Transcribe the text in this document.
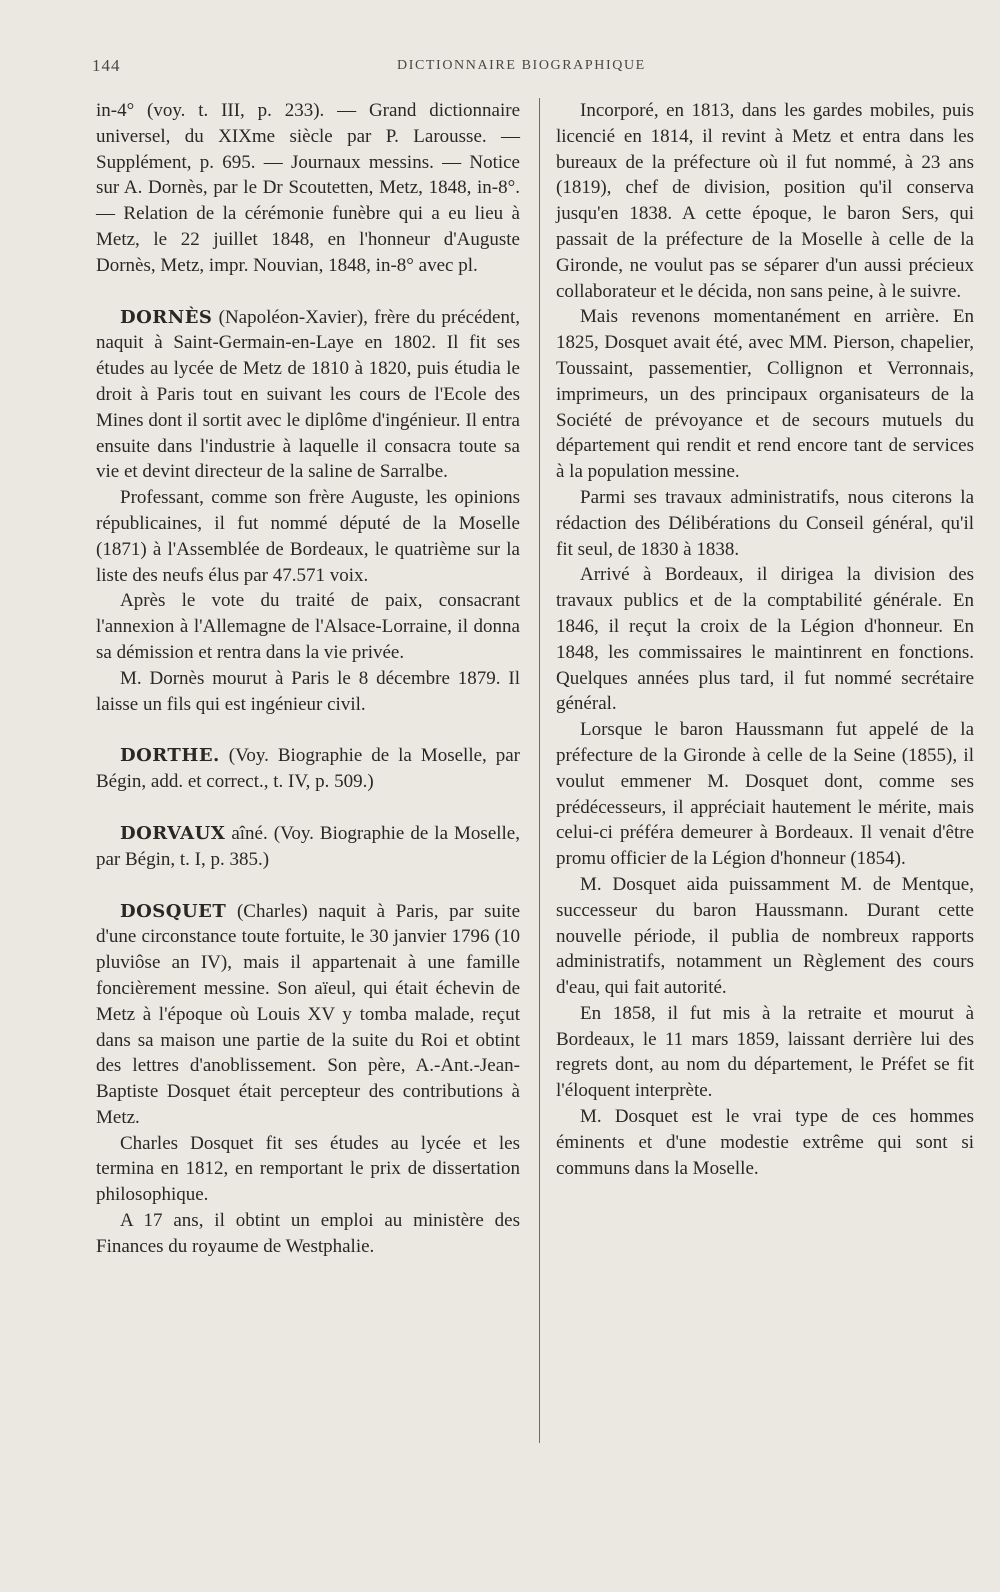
144	DICTIONNAIRE BIOGRAPHIQUE

in-4° (voy. t. III, p. 233). — Grand dictionnaire universel, du XIXme siècle par P. Larousse. — Supplément, p. 695. — Journaux messins. — Notice sur A. Dornès, par le Dr Scoutetten, Metz, 1848, in-8°. — Relation de la cérémonie funèbre qui a eu lieu à Metz, le 22 juillet 1848, en l'honneur d'Auguste Dornès, Metz, impr. Nouvian, 1848, in-8° avec pl.

DORNÈS (Napoléon-Xavier), frère du précédent, naquit à Saint-Germain-en-Laye en 1802. Il fit ses études au lycée de Metz de 1810 à 1820, puis étudia le droit à Paris tout en suivant les cours de l'Ecole des Mines dont il sortit avec le diplôme d'ingénieur. Il entra ensuite dans l'industrie à laquelle il consacra toute sa vie et devint directeur de la saline de Sarralbe.

Professant, comme son frère Auguste, les opinions républicaines, il fut nommé député de la Moselle (1871) à l'Assemblée de Bordeaux, le quatrième sur la liste des neufs élus par 47.571 voix.

Après le vote du traité de paix, consacrant l'annexion à l'Allemagne de l'Alsace-Lorraine, il donna sa démission et rentra dans la vie privée.

M. Dornès mourut à Paris le 8 décembre 1879. Il laisse un fils qui est ingénieur civil.

DORTHE. (Voy. Biographie de la Moselle, par Bégin, add. et correct., t. IV, p. 509.)

DORVAUX aîné. (Voy. Biographie de la Moselle, par Bégin, t. I, p. 385.)

DOSQUET (Charles) naquit à Paris, par suite d'une circonstance toute fortuite, le 30 janvier 1796 (10 pluviôse an IV), mais il appartenait à une famille foncièrement messine. Son aïeul, qui était échevin de Metz à l'époque où Louis XV y tomba malade, reçut dans sa maison une partie de la suite du Roi et obtint des lettres d'anoblissement. Son père, A.-Ant.-Jean-Baptiste Dosquet était percepteur des contributions à Metz.

Charles Dosquet fit ses études au lycée et les termina en 1812, en remportant le prix de dissertation philosophique.

A 17 ans, il obtint un emploi au ministère des Finances du royaume de Westphalie.

Incorporé, en 1813, dans les gardes mobiles, puis licencié en 1814, il revint à Metz et entra dans les bureaux de la préfecture où il fut nommé, à 23 ans (1819), chef de division, position qu'il conserva jusqu'en 1838. A cette époque, le baron Sers, qui passait de la préfecture de la Moselle à celle de la Gironde, ne voulut pas se séparer d'un aussi précieux collaborateur et le décida, non sans peine, à le suivre.

Mais revenons momentanément en arrière. En 1825, Dosquet avait été, avec MM. Pierson, chapelier, Toussaint, passementier, Collignon et Verronnais, imprimeurs, un des principaux organisateurs de la Société de prévoyance et de secours mutuels du département qui rendit et rend encore tant de services à la population messine.

Parmi ses travaux administratifs, nous citerons la rédaction des Délibérations du Conseil général, qu'il fit seul, de 1830 à 1838.

Arrivé à Bordeaux, il dirigea la division des travaux publics et de la comptabilité générale. En 1846, il reçut la croix de la Légion d'honneur. En 1848, les commissaires le maintinrent en fonctions. Quelques années plus tard, il fut nommé secrétaire général.

Lorsque le baron Haussmann fut appelé de la préfecture de la Gironde à celle de la Seine (1855), il voulut emmener M. Dosquet dont, comme ses prédécesseurs, il appréciait hautement le mérite, mais celui-ci préféra demeurer à Bordeaux. Il venait d'être promu officier de la Légion d'honneur (1854).

M. Dosquet aida puissamment M. de Mentque, successeur du baron Haussmann. Durant cette nouvelle période, il publia de nombreux rapports administratifs, notamment un Règlement des cours d'eau, qui fait autorité.

En 1858, il fut mis à la retraite et mourut à Bordeaux, le 11 mars 1859, laissant derrière lui des regrets dont, au nom du département, le Préfet se fit l'éloquent interprète.

M. Dosquet est le vrai type de ces hommes éminents et d'une modestie extrême qui sont si communs dans la Moselle.
